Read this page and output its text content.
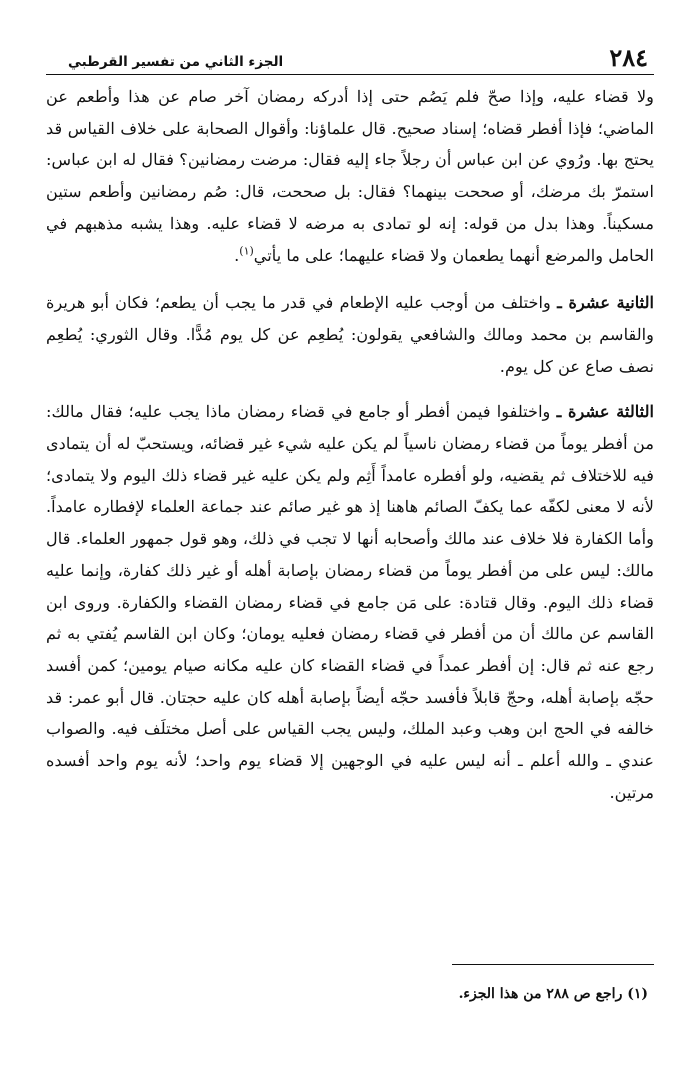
٢٨٤
الجزء الثاني من تفسير القرطبي

ولا قضاء عليه، وإذا صحّ فلم يَصُم حتى إذا أدركه رمضان آخر صام عن هذا وأطعم عن الماضي؛ فإذا أفطر قضاه؛ إسناد صحيح. قال علماؤنا: وأقوال الصحابة على خلاف القياس قد يحتج بها. ورُوي عن ابن عباس أن رجلاً جاء إليه فقال: مرضت رمضانين؟ فقال له ابن عباس: استمرّ بك مرضك، أو صححت بينهما؟ فقال: بل صححت، قال: صُم رمضانين وأطعم ستين مسكيناً. وهذا بدل من قوله: إنه لو تمادى به مرضه لا قضاء عليه. وهذا يشبه مذهبهم في الحامل والمرضع أنهما يطعمان ولا قضاء عليهما؛ على ما يأتي$^{(١)}$.

الثانية عشرة ـ واختلف من أوجب عليه الإطعام في قدر ما يجب أن يطعم؛ فكان أبو هريرة والقاسم بن محمد ومالك والشافعي يقولون: يُطعِم عن كل يوم مُدًّا. وقال الثوري: يُطعِم نصف صاع عن كل يوم.

الثالثة عشرة ـ واختلفوا فيمن أفطر أو جامع في قضاء رمضان ماذا يجب عليه؛ فقال مالك: من أفطر يوماً من قضاء رمضان ناسياً لم يكن عليه شيء غير قضائه، ويستحبّ له أن يتمادى فيه للاختلاف ثم يقضيه، ولو أفطره عامداً أَثِم ولم يكن عليه غير قضاء ذلك اليوم ولا يتمادى؛ لأنه لا معنى لكفّه عما يكفّ الصائم هاهنا إذ هو غير صائم عند جماعة العلماء لإفطاره عامداً. وأما الكفارة فلا خلاف عند مالك وأصحابه أنها لا تجب في ذلك، وهو قول جمهور العلماء. قال مالك: ليس على من أفطر يوماً من قضاء رمضان بإصابة أهله أو غير ذلك كفارة، وإنما عليه قضاء ذلك اليوم. وقال قتادة: على مَن جامع في قضاء رمضان القضاء والكفارة. وروى ابن القاسم عن مالك أن من أفطر في قضاء رمضان فعليه يومان؛ وكان ابن القاسم يُفتي به ثم رجع عنه ثم قال: إن أفطر عمداً في قضاء القضاء كان عليه مكانه صيام يومين؛ كمن أفسد حجّه بإصابة أهله، وحجّ قابلاً فأفسد حجّه أيضاً بإصابة أهله كان عليه حجتان. قال أبو عمر: قد خالفه في الحج ابن وهب وعبد الملك، وليس يجب القياس على أصل مختلَف فيه. والصواب عندي ـ والله أعلم ـ أنه ليس عليه في الوجهين إلا قضاء يوم واحد؛ لأنه يوم واحد أفسده مرتين.

(١) راجع ص ٢٨٨ من هذا الجزء.
